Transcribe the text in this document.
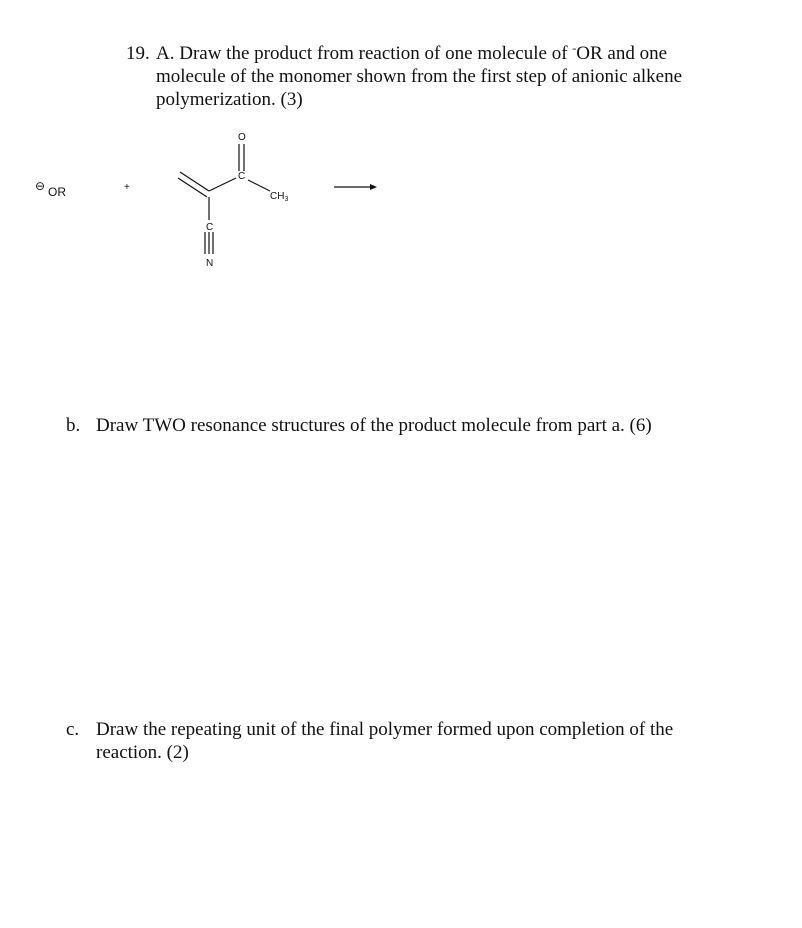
19.A. Draw the product from reaction of one molecule of -OR and one
molecule of the monomer shown from the first step of anionic alkene
polymerization. (3)
⊖ OR	+
O
C
$CH_3$
C
N
b. Draw TWO resonance structures of the product molecule from part a. (6)
c. Draw the repeating unit of the final polymer formed upon completion of the
reaction. (2)
